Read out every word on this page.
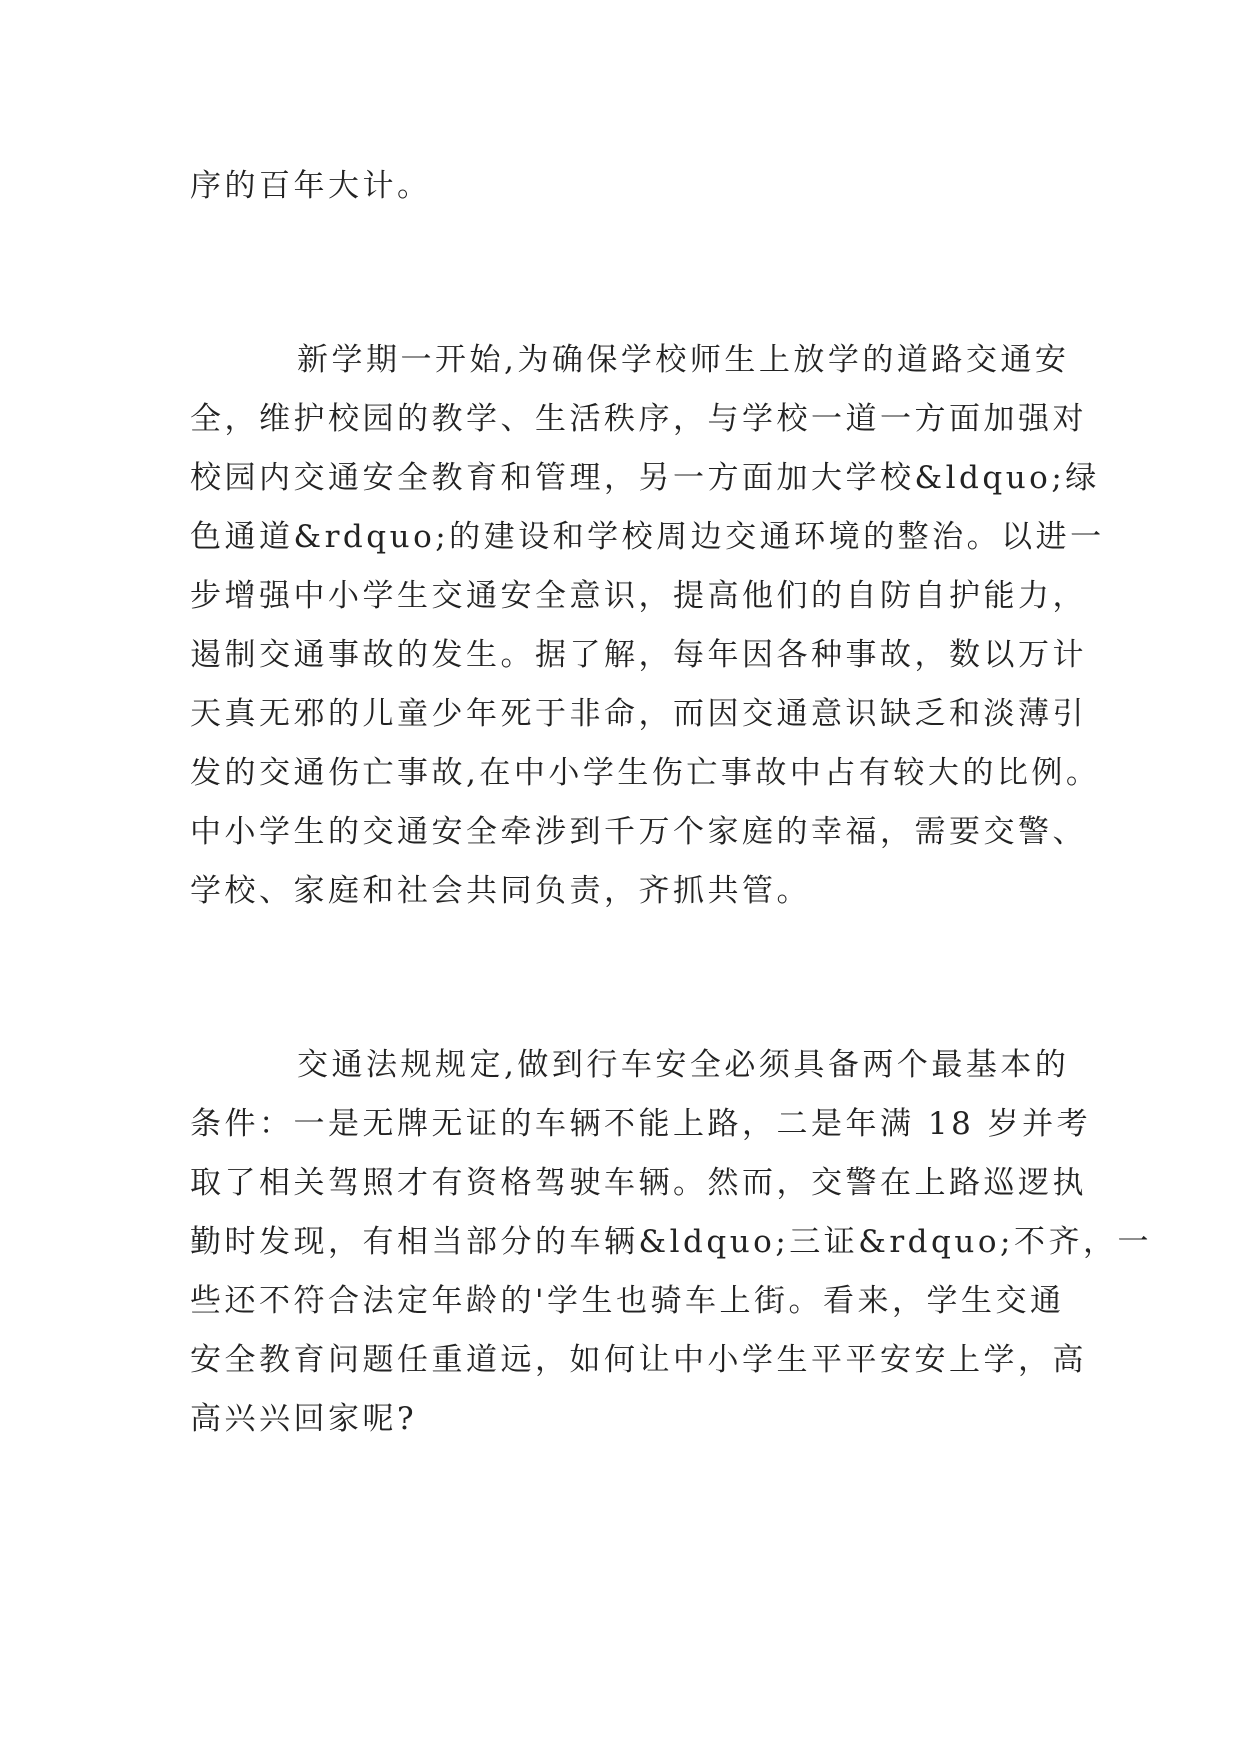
序的百年大计。
新学期一开始,为确保学校师生上放学的道路交通安
全，维护校园的教学、生活秩序，与学校一道一方面加强对
校园内交通安全教育和管理，另一方面加大学校&ldquo;绿
色通道&rdquo;的建设和学校周边交通环境的整治。以进一
步增强中小学生交通安全意识，提高他们的自防自护能力，
遏制交通事故的发生。据了解，每年因各种事故，数以万计
天真无邪的儿童少年死于非命，而因交通意识缺乏和淡薄引
发的交通伤亡事故,在中小学生伤亡事故中占有较大的比例。
中小学生的交通安全牵涉到千万个家庭的幸福，需要交警、
学校、家庭和社会共同负责，齐抓共管。
交通法规规定,做到行车安全必须具备两个最基本的
条件：一是无牌无证的车辆不能上路，二是年满 18 岁并考
取了相关驾照才有资格驾驶车辆。然而，交警在上路巡逻执
勤时发现，有相当部分的车辆&ldquo;三证&rdquo;不齐，一
些还不符合法定年龄的'学生也骑车上街。看来，学生交通
安全教育问题任重道远，如何让中小学生平平安安上学，高
高兴兴回家呢?
